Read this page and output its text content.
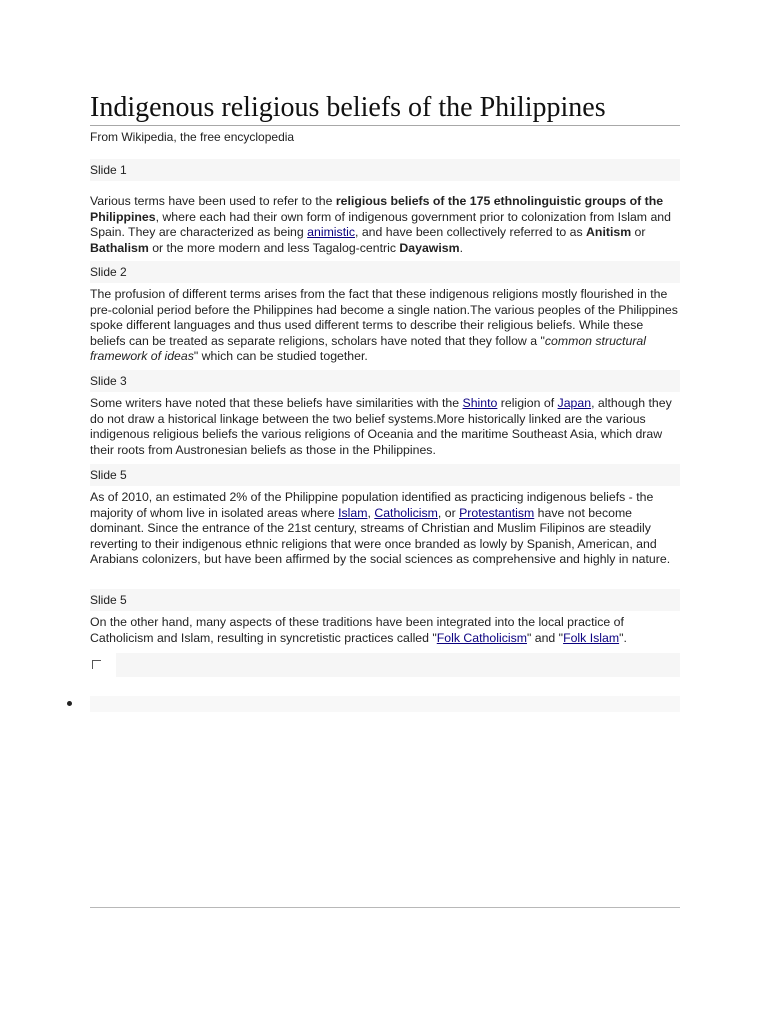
Indigenous religious beliefs of the Philippines
From Wikipedia, the free encyclopedia
Slide 1

Various terms have been used to refer to the religious beliefs of the 175 ethnolinguistic groups of the Philippines, where each had their own form of indigenous government prior to colonization from Islam and Spain. They are characterized as being animistic, and have been collectively referred to as Anitism or Bathalism or the more modern and less Tagalog-centric Dayawism.

Slide 2

The profusion of different terms arises from the fact that these indigenous religions mostly flourished in the pre-colonial period before the Philippines had become a single nation.The various peoples of the Philippines spoke different languages and thus used different terms to describe their religious beliefs. While these beliefs can be treated as separate religions, scholars have noted that they follow a "common structural framework of ideas" which can be studied together.

Slide 3

Some writers have noted that these beliefs have similarities with the Shinto religion of Japan, although they do not draw a historical linkage between the two belief systems.More historically linked are the various indigenous religious beliefs the various religions of Oceania and the maritime Southeast Asia, which draw their roots from Austronesian beliefs as those in the Philippines.

Slide 5

As of 2010, an estimated 2% of the Philippine population identified as practicing indigenous beliefs - the majority of whom live in isolated areas where Islam, Catholicism, or Protestantism have not become dominant. Since the entrance of the 21st century, streams of Christian and Muslim Filipinos are steadily reverting to their indigenous ethnic religions that were once branded as lowly by Spanish, American, and Arabians colonizers, but have been affirmed by the social sciences as comprehensive and highly in nature.

Slide 5

On the other hand, many aspects of these traditions have been integrated into the local practice of Catholicism and Islam, resulting in syncretistic practices called "Folk Catholicism" and "Folk Islam".
